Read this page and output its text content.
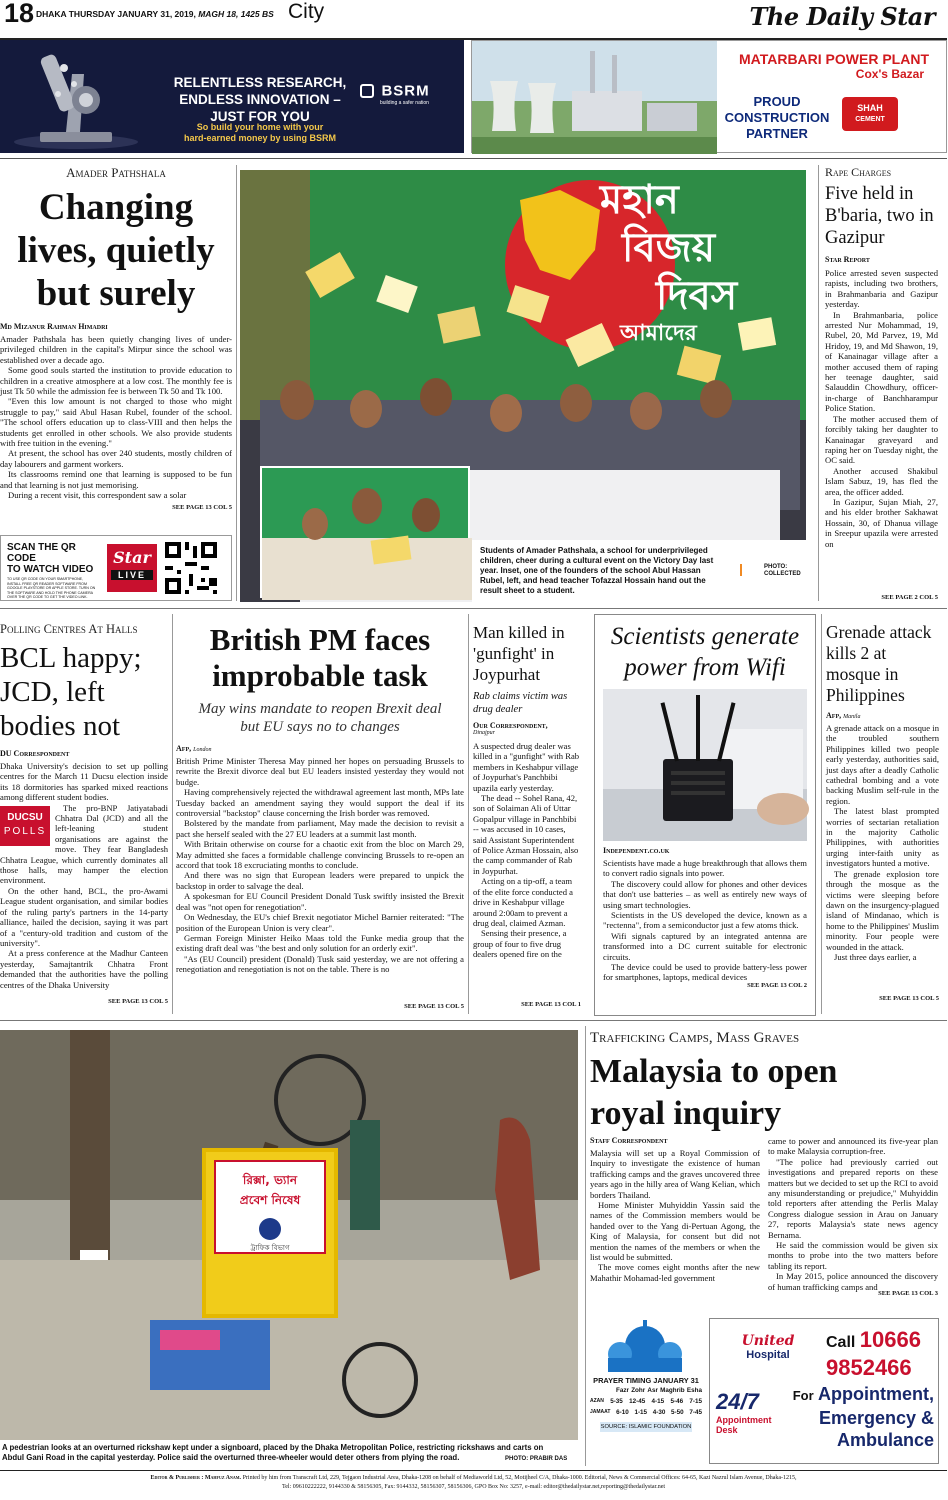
18 DHAKA THURSDAY JANUARY 31, 2019, MAGH 18, 1425 BS City	The Daily Star
RELENTLESS RESEARCH,
ENDLESS INNOVATION – JUST FOR YOU
So build your home with your
hard-earned money by using BSRM
BSRM
building a safer nation
MATARBARI POWER PLANT
Cox's Bazar
PROUD
CONSTRUCTION
PARTNER
SHAH
CEMENT
Amader Pathshala
Changing
lives, quietly
but surely
Md Mizanur Rahman Himadri

Amader Pathshala has been quietly changing lives of under-privileged children in the capital's Mirpur since the school was established over a decade ago.

Some good souls started the institution to provide education to children in a creative atmosphere at a low cost. The monthly fee is just Tk 50 while the admission fee is between Tk 50 and Tk 100.

"Even this low amount is not charged to those who might struggle to pay," said Abul Hasan Rubel, founder of the school. "The school offers education up to class-VIII and then helps the students get enrolled in other schools. We also provide students with free tuition in the evening."

At present, the school has over 240 students, mostly children of day labourers and garment workers.

Its classrooms remind one that learning is supposed to be fun and that learning is not just memorising.

During a recent visit, this correspondent saw a solar

SEE PAGE 13 COL 5
SCAN THE QR CODE
TO WATCH VIDEO
TO USE QR CODE ON YOUR SMARTPHONE,
INSTALL FREE QR READER SOFTWARE FROM
GOOGLE PLAYSTORE OR APPLE STORE. TURN ON
THE SOFTWARE AND HOLD THE PHONE CAMERA
OVER THE QR CODE TO GET THE VIDEO LINK.
Star
LIVE
মহান
বিজয়
দিবস
আমাদের
Students of Amader Pathshala, a school for underprivileged children, cheer during a cultural event on the Victory Day last year. Inset, one of the founders of the school Abul Hassan Rubel, left, and head teacher Tofazzal Hossain hand out the result sheet to a student.
PHOTO:
COLLECTED
Rape Charges
Five held in B'baria, two in Gazipur
Star Report

Police arrested seven suspected rapists, including two brothers, in Brahmanbaria and Gazipur yesterday.

In Brahmanbaria, police arrested Nur Mohammad, 19, Rubel, 20, Md Parvez, 19, Md Hridoy, 19, and Md Shawon, 19, of Kanainagar village after a mother accused them of raping her teenage daughter, said Salauddin Chowdhury, officer-in-charge of Banchharampur Police Station.

The mother accused them of forcibly taking her daughter to Kanainagar graveyard and raping her on Tuesday night, the OC said.

Another accused Shakibul Islam Sabuz, 19, has fled the area, the officer added.

In Gazipur, Sujan Miah, 27, and his elder brother Sakhawat Hossain, 30, of Dhanua village in Sreepur upazila were arrested on

SEE PAGE 2 COL 5
Polling Centres At Halls
BCL happy; JCD, left bodies not
DU Correspondent

Dhaka University's decision to set up polling centres for the March 11 Ducsu election inside its 18 dormitories has sparked mixed reactions among different student bodies.

DUCSU
POLLS

The pro-BNP Jatiyatabadi Chhatra Dal (JCD) and all the left-leaning student organisations are against the move. They fear Bangladesh Chhatra League, which currently dominates all those halls, may hamper the election environment.

On the other hand, BCL, the pro-Awami League student organisation, and similar bodies of the ruling party's partners in the 14-party alliance, hailed the decision, saying it was part of a "century-old tradition and custom of the university".

At a press conference at the Madhur Canteen yesterday, Samajtantrik Chhatra Front demanded that the authorities have the polling centres of the Dhaka University

SEE PAGE 13 COL 5
British PM faces improbable task
May wins mandate to reopen Brexit deal but EU says no to changes
Afp, London

British Prime Minister Theresa May pinned her hopes on persuading Brussels to rewrite the Brexit divorce deal but EU leaders insisted yesterday they would not budge.

Having comprehensively rejected the withdrawal agreement last month, MPs late Tuesday backed an amendment saying they would support the deal if its controversial "backstop" clause concerning the Irish border was removed.

Bolstered by the mandate from parliament, May made the decision to revisit a pact she herself sealed with the 27 EU leaders at a summit last month.

With Britain otherwise on course for a chaotic exit from the bloc on March 29, May admitted she faces a formidable challenge convincing Brussels to re-open an accord that took 18 excruciating months to conclude.

And there was no sign that European leaders were prepared to unpick the backstop in order to salvage the deal.

A spokesman for EU Council President Donald Tusk swiftly insisted the Brexit deal was "not open for renegotiation".

On Wednesday, the EU's chief Brexit negotiator Michel Barnier reiterated: "The position of the European Union is very clear".

German Foreign Minister Heiko Maas told the Funke media group that the existing draft deal was "the best and only solution for an orderly exit".

"As (EU Council) president (Donald) Tusk said yesterday, we are not offering a renegotiation and renegotiation is not on the table. There is no

SEE PAGE 13 COL 5
Man killed in 'gunfight' in Joypurhat
Rab claims victim was drug dealer
Our Correspondent,
Dinajpur

A suspected drug dealer was killed in a "gunfight" with Rab members in Keshabpur village of Joypurhat's Panchbibi upazila early yesterday.

The dead -- Sohel Rana, 42, son of Solaiman Ali of Uttar Gopalpur village in Panchbibi -- was accused in 10 cases, said Assistant Superintendent of Police Azman Hossain, also the camp commander of Rab in Joypurhat.

Acting on a tip-off, a team of the elite force conducted a drive in Keshabpur village around 2:00am to prevent a drug deal, claimed Azman.

Sensing their presence, a group of four to five drug dealers opened fire on the

SEE PAGE 13 COL 1
Scientists generate
power from Wifi
Independent.co.uk

Scientists have made a huge breakthrough that allows them to convert radio signals into power.

The discovery could allow for phones and other devices that don't use batteries – as well as entirely new ways of using smart technologies.

Scientists in the US developed the device, known as a "rectenna", from a semiconductor just a few atoms thick.

Wifi signals captured by an integrated antenna are transformed into a DC current suitable for electronic circuits.

The device could be used to provide battery-less power for smartphones, laptops, medical devices

SEE PAGE 13 COL 2
Grenade attack kills 2 at mosque in Philippines
Afp, Manila

A grenade attack on a mosque in the troubled southern Philippines killed two people early yesterday, authorities said, just days after a deadly Catholic cathedral bombing and a vote backing Muslim self-rule in the region.

The latest blast prompted worries of sectarian retaliation in the majority Catholic Philippines, with authorities urging inter-faith unity as investigators hunted a motive.

The grenade explosion tore through the mosque as the victims were sleeping before dawn on the insurgency-plagued island of Mindanao, which is home to the Philippines' Muslim minority. Four people were wounded in the attack.

Just three days earlier, a

SEE PAGE 13 COL 5
রিক্সা, ভ্যান
প্রবেশ নিষেধ
ট্রাফিক বিভাগ
A pedestrian looks at an overturned rickshaw kept under a signboard, placed by the Dhaka Metropolitan Police, restricting rickshaws and carts on Abdul Gani Road in the capital yesterday. Police said the overturned three-wheeler would deter others from plying the road.	PHOTO: PRABIR DAS
Trafficking Camps, Mass Graves
Malaysia to open
royal inquiry
Staff Correspondent

Malaysia will set up a Royal Commission of Inquiry to investigate the existence of human trafficking camps and the graves uncovered three years ago in the hilly area of Wang Kelian, which borders Thailand.

Home Minister Muhyiddin Yassin said the names of the Commission members would be handed over to the Yang di-Pertuan Agong, the King of Malaysia, for consent but did not mention the names of the members or when the list would be submitted.

The move comes eight months after the new Mahathir Mohamad-led government

came to power and announced its five-year plan to make Malaysia corruption-free.

"The police had previously carried out investigations and prepared reports on these matters but we decided to set up the RCI to avoid any misunderstanding or prejudice," Muhyiddin told reporters after attending the Perlis Malay Congress dialogue session in Arau on January 27, reports Malaysia's state news agency Bernama.

He said the commission would be given six months to probe into the two matters before tabling its report.

In May 2015, police announced the discovery of human trafficking camps and

SEE PAGE 13 COL 3
PRAYER TIMING JANUARY 31
Fazr Zohr Asr Maghrib Esha
AZAN 5-35 12-45 4-15 5-46 7-15
JAMAAT 6-10 1-15 4-30 5-50 7-45
SOURCE: ISLAMIC FOUNDATION
United
Hospital
24/7
Appointment
Desk
Call 10666
9852466
For Appointment,
Emergency &
Ambulance
Editor & Publisher : Mahfuz Anam. Printed by him from Transcraft Ltd, 229, Tejgaon Industrial Area, Dhaka-1208 on behalf of Mediaworld Ltd, 52, Motijheel C/A, Dhaka-1000. Editorial, News & Commercial Offices: 64-65, Kazi Nazrul Islam Avenue, Dhaka-1215,
Tel: 09610222222, 9144330 & 58156305, Fax: 9144332, 58156307, 58156306, GPO Box No: 3257, e-mail: editor@thedailystar.net,reporting@thedailystar.net
